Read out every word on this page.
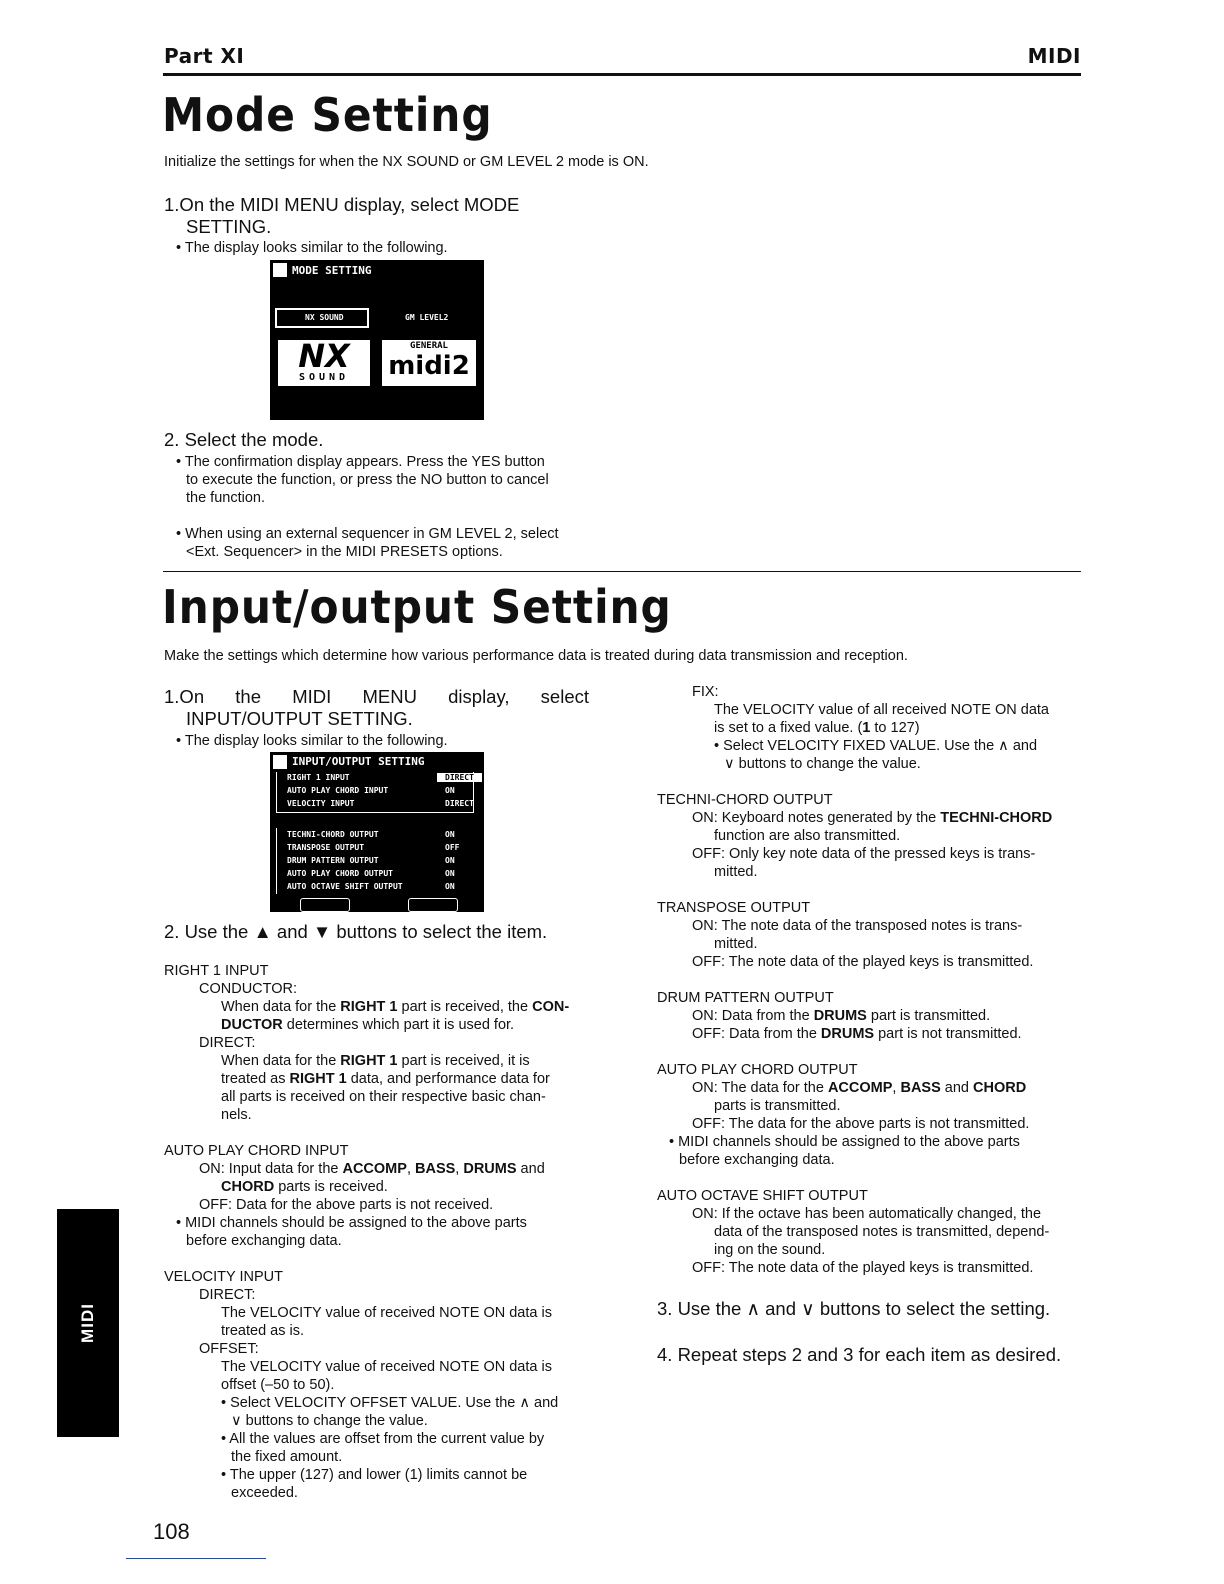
Part XI	MIDI
Mode Setting
Initialize the settings for when the NX SOUND or GM LEVEL 2 mode is ON.
1.On the MIDI MENU display, select MODE
SETTING.
• The display looks similar to the following.
MODE SETTING
NX SOUND	GM LEVEL2
NX
SOUND
GENERAL
midi2
2. Select the mode.
• The confirmation display appears. Press the YES button
to execute the function, or press the NO button to cancel
the function.
• When using an external sequencer in GM LEVEL 2, select
<Ext. Sequencer> in the MIDI PRESETS options.
Input/output Setting
Make the settings which determine how various performance data is treated during data transmission and reception.
1.On the MIDI MENU display, select
INPUT/OUTPUT SETTING.
• The display looks similar to the following.
INPUT/OUTPUT SETTING
RIGHT 1 INPUT	DIRECT
AUTO PLAY CHORD INPUT	ON
VELOCITY INPUT	DIRECT
TECHNI-CHORD OUTPUT	ON
TRANSPOSE OUTPUT	OFF
DRUM PATTERN OUTPUT	ON
AUTO PLAY CHORD OUTPUT	ON
AUTO OCTAVE SHIFT OUTPUT	ON
2. Use the ▲ and ▼ buttons to select the item.
RIGHT 1 INPUT
CONDUCTOR:
When data for the RIGHT 1 part is received, the CON-
DUCTOR determines which part it is used for.
DIRECT:
When data for the RIGHT 1 part is received, it is
treated as RIGHT 1 data, and performance data for
all parts is received on their respective basic chan-
nels.
AUTO PLAY CHORD INPUT
ON: Input data for the ACCOMP, BASS, DRUMS and
CHORD parts is received.
OFF: Data for the above parts is not received.
• MIDI channels should be assigned to the above parts
before exchanging data.
VELOCITY INPUT
DIRECT:
The VELOCITY value of received NOTE ON data is
treated as is.
OFFSET:
The VELOCITY value of received NOTE ON data is
offset (–50 to 50).
• Select VELOCITY OFFSET VALUE. Use the ∧ and
∨ buttons to change the value.
• All the values are offset from the current value by
the fixed amount.
• The upper (127) and lower (1) limits cannot be
exceeded.
FIX:
The VELOCITY value of all received NOTE ON data
is set to a fixed value. (1 to 127)
• Select VELOCITY FIXED VALUE. Use the ∧ and
∨ buttons to change the value.
TECHNI-CHORD OUTPUT
ON: Keyboard notes generated by the TECHNI-CHORD
function are also transmitted.
OFF: Only key note data of the pressed keys is trans-
mitted.
TRANSPOSE OUTPUT
ON: The note data of the transposed notes is trans-
mitted.
OFF: The note data of the played keys is transmitted.
DRUM PATTERN OUTPUT
ON: Data from the DRUMS part is transmitted.
OFF: Data from the DRUMS part is not transmitted.
AUTO PLAY CHORD OUTPUT
ON: The data for the ACCOMP, BASS and CHORD
parts is transmitted.
OFF: The data for the above parts is not transmitted.
• MIDI channels should be assigned to the above parts
before exchanging data.
AUTO OCTAVE SHIFT OUTPUT
ON: If the octave has been automatically changed, the
data of the transposed notes is transmitted, depend-
ing on the sound.
OFF: The note data of the played keys is transmitted.
3. Use the ∧ and ∨ buttons to select the setting.
4. Repeat steps 2 and 3 for each item as desired.
MIDI
108
